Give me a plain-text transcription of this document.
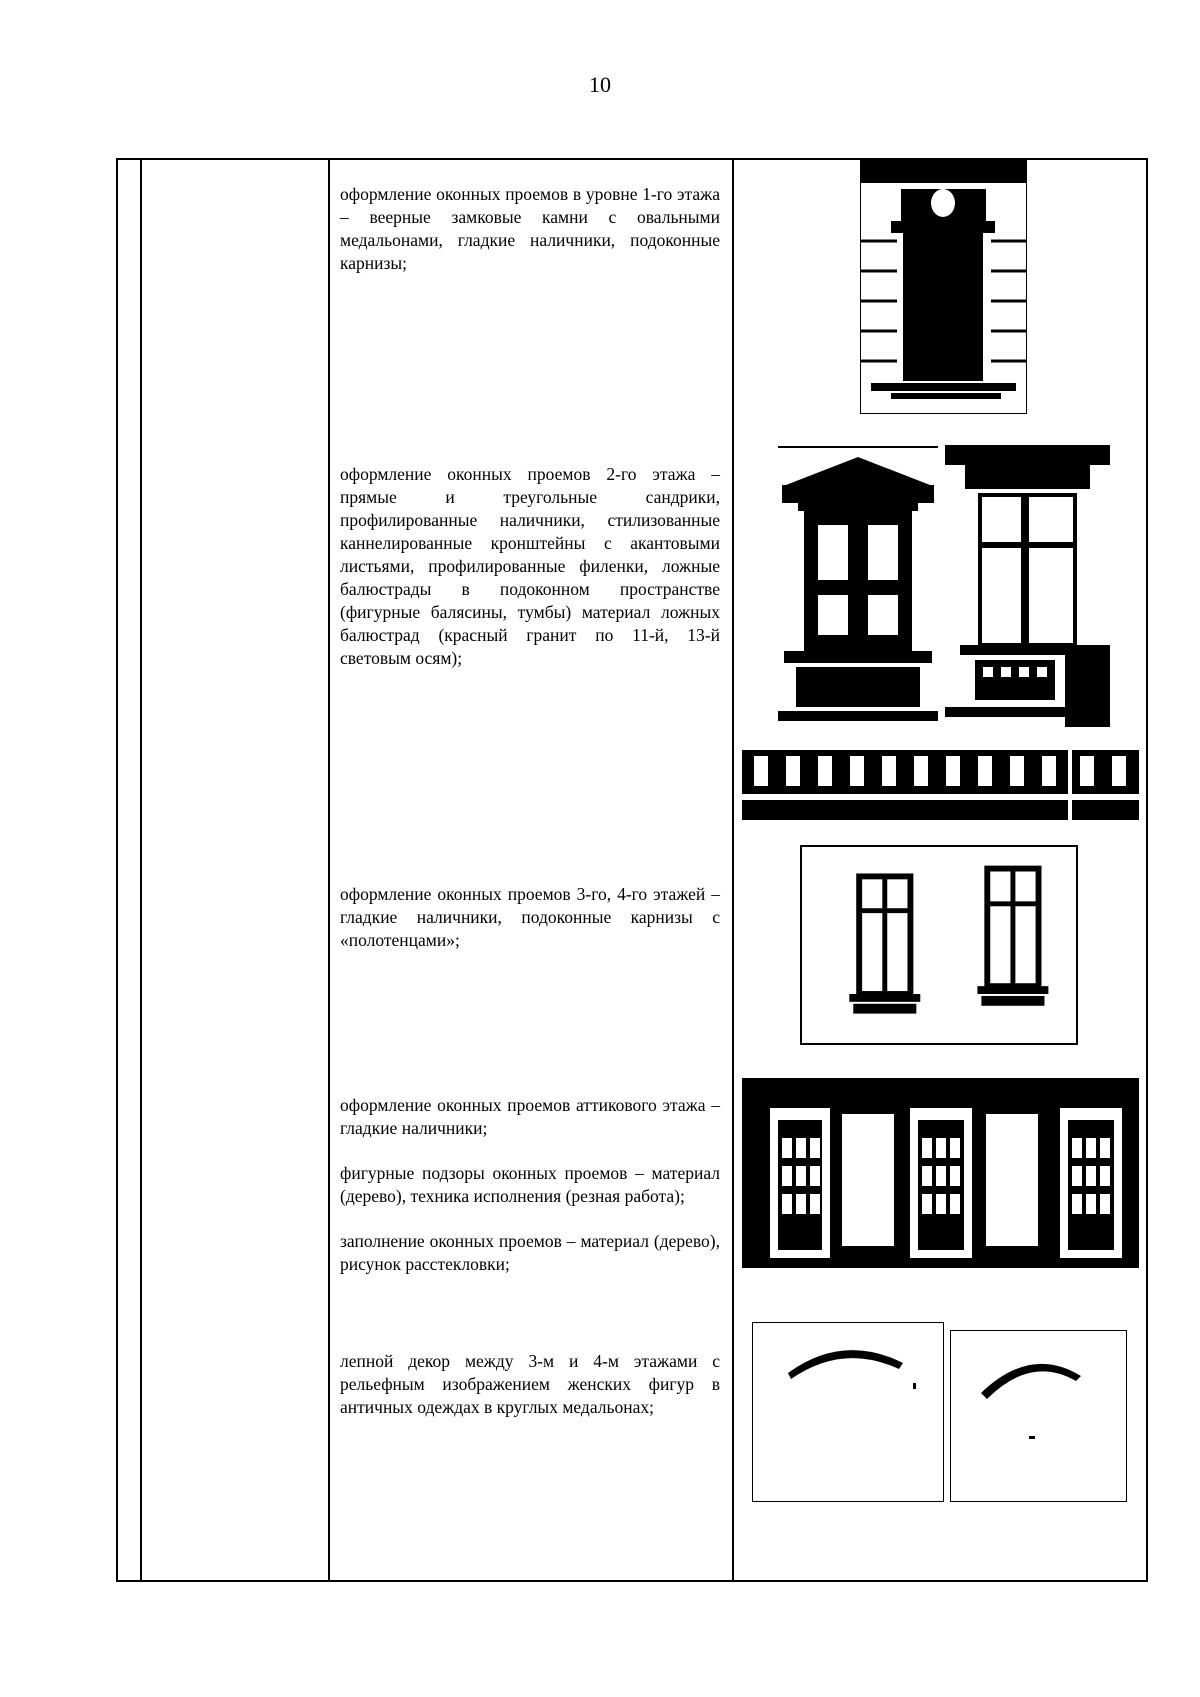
10

оформление оконных проемов в уровне 1-го этажа – веерные замковые камни с овальными медальонами, гладкие наличники, подоконные карнизы;

оформление оконных проемов 2-го этажа – прямые и треугольные сандрики, профилированные наличники, стилизованные каннелированные кронштейны с акантовыми листьями, профилированные филенки, ложные балюстрады в подоконном пространстве (фигурные балясины, тумбы) материал ложных балюстрад (красный гранит по 11-й, 13-й световым осям);

оформление оконных проемов 3-го, 4-го этажей – гладкие наличники, подоконные карнизы с «полотенцами»;

оформление оконных проемов аттикового этажа – гладкие наличники;

фигурные подзоры оконных проемов – материал (дерево), техника исполнения (резная работа);

заполнение оконных проемов – материал (дерево), рисунок расстекловки;

лепной декор между 3-м и 4-м этажами с рельефным изображением женских фигур в античных одеждах в круглых медальонах;
